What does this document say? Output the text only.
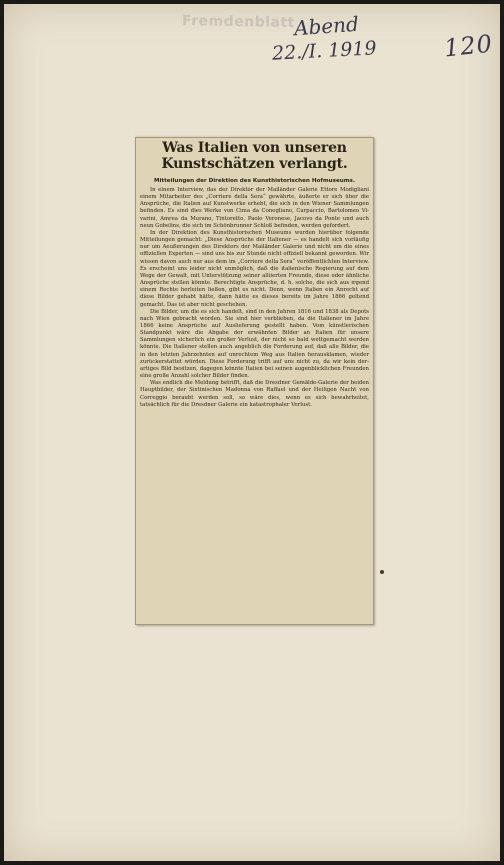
Fremdenblatt
Abend
22./I. 1919	120
Was Italien von unseren Kunstschätzen verlangt.
Mitteilungen der Direktion des Kunsthistorischen Hofmuseums.

In einem Interview, das der Direktor der Mailänder Galerie Ettore Modigliani einem Mitarbeiter des „Corriere della Sera“ gewährte, äußerte er sich über die Ansprüche, die Italien auf Kunstwerke erhebt, die sich in den Wiener Sammlungen befinden. Es sind dies Werke von Cima da Conegliano, Carpaccio, Bartolomeo Vivarini, Amrea da Murano, Tintoretto, Paolo Veronese, Jacovo da Ponte und auch neun Gobelins, die sich im Schönbrunner Schloß befinden, werden gefordert.

In der Direktion des Kunsthistorischen Museums wurden hierüber folgende Mitteilungen gemacht: „Diese Ansprüche der Italiener — es handelt sich vorläufig nur um Aeußerungen des Direktors der Mailänder Galerie und nicht um die eines offiziellen Experten — sind uns bis zur Stunde nicht offiziell bekannt geworden. Wir wissen davon auch nur aus dem im „Corriere della Sera“ veröffentlichten Interview. Es erscheint uns leider nicht unmöglich, daß die italienische Regierung auf dem Wege der Gewalt, mit Unterstützung seiner alliierten Freunde, diese oder ähnliche Ansprüche stellen könnte. Berechtigte Ansprüche, d. h. solche, die sich aus irgend einem Rechte herleiten ließen, gibt es nicht. Denn, wenn Italien ein Anrecht auf diese Bilder gehabt hätte, dann hätte es dieses bereits im Jahre 1866 geltend gemacht. Das ist aber nicht geschehen.

Die Bilder, um die es sich handelt, sind in den Jahren 1816 und 1838 als Depots nach Wien gebracht worden. Sie sind hier verblieben, da die Italiener im Jahre 1866 keine Ansprüche auf Auslieferung gestellt haben. Vom künstlerischen Standpunkt wäre die Abgabe der erwähnten Bilder an Italien für unsere Sammlungen sicherlich ein großer Verlust, der nicht so bald wettgemacht werden könnte. Die Italiener stellen auch angeblich die Forderung auf, daß alle Bilder, die in den letzten Jahrzehnten auf unrechtem Weg aus Italien herausklamen, wieder zurückerstattet würden. Diese Forderung trifft auf uns nicht zu, da wir kein derartiges Bild besitzen, dagegen könnte Italien bei seinen augenblicklichen Freunden eine große Anzahl solcher Bilder finden.

Was endlich die Meldung betrifft, daß die Dresdner Gemälde-Galerie der beiden Hauptbilder, der Sixtinischen Madonna von Raffael und der Heiligen Nacht von Correggio beraubt werden soll, so wäre dies, wenn es sich bewahrheitet, tatsächlich für die Dresdner Galerie ein katastrophaler Verlust.
